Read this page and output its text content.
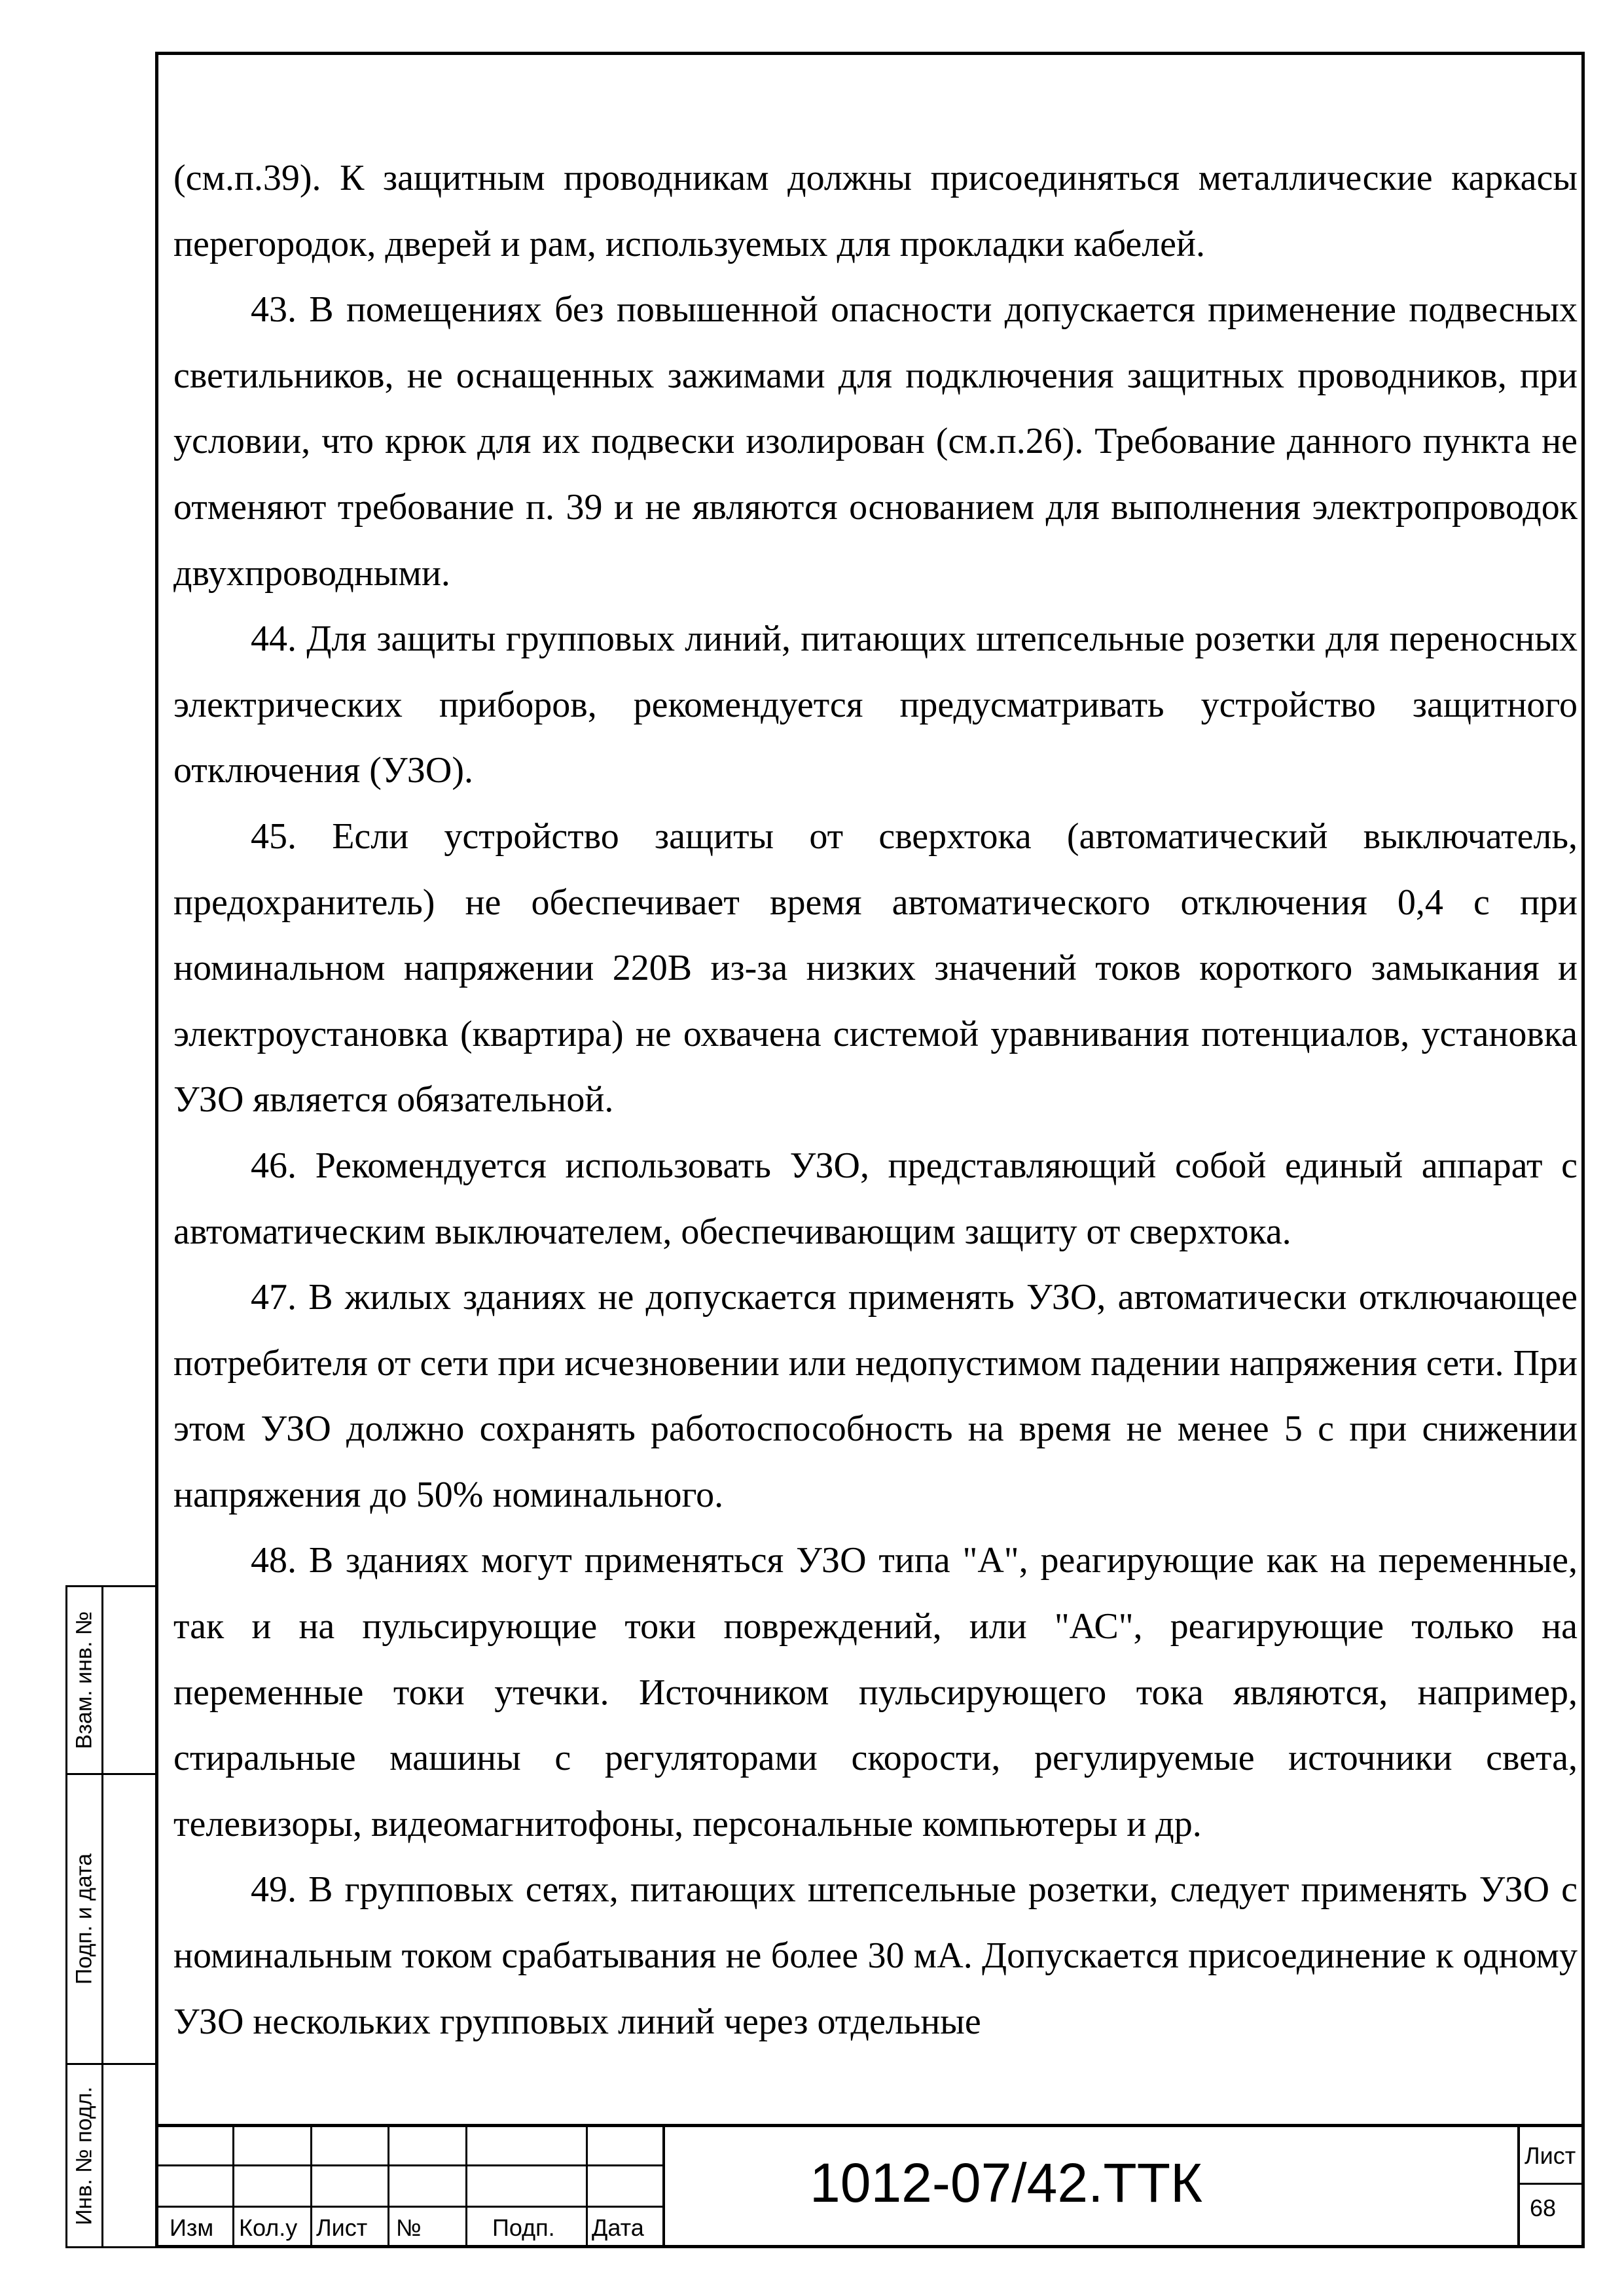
(см.п.39). К защитным проводникам должны присоединяться металлические каркасы перегородок, дверей и рам, используемых для прокладки кабелей.

43. В помещениях без повышенной опасности допускается применение подвесных светильников, не оснащенных зажимами для подключения защитных проводников, при условии, что крюк для их подвески изолирован (см.п.26). Требование данного пункта не отменяют требование п. 39 и не являются основанием для выполнения электропроводок двухпроводными.

44. Для защиты групповых линий, питающих штепсельные розетки для переносных электрических приборов, рекомендуется предусматривать устройство защитного отключения (УЗО).

45. Если устройство защиты от сверхтока (автоматический выключатель, предохранитель) не обеспечивает время автоматического отключения 0,4 с при номинальном напряжении 220В из-за низких значений токов короткого замыкания и электроустановка (квартира) не охвачена системой уравнивания потенциалов, установка УЗО является обязательной.

46. Рекомендуется использовать УЗО, представляющий собой единый аппарат с автоматическим выключателем, обеспечивающим защиту от сверхтока.

47. В жилых зданиях не допускается применять УЗО, автоматически отключающее потребителя от сети при исчезновении или недопустимом падении напряжения сети. При этом УЗО должно сохранять работоспособность на время не менее 5 с при снижении напряжения до 50% номинального.

48. В зданиях могут применяться УЗО типа "А", реагирующие как на переменные, так и на пульсирующие токи повреждений, или "АС", реагирующие только на переменные токи утечки. Источником пульсирующего тока являются, например, стиральные машины с регуляторами скорости, регулируемые источники света, телевизоры, видеомагнитофоны, персональные компьютеры и др.

49. В групповых сетях, питающих штепсельные розетки, следует применять УЗО с номинальным током срабатывания не более 30 мА. Допускается присоединение к одному УЗО нескольких групповых линий через отдельные

Взам. инв. №
Подп. и дата
Инв. № подл.
Изм Кол.у Лист №	Подп. Дата
1012-07/42.ТТК	Лист
68
